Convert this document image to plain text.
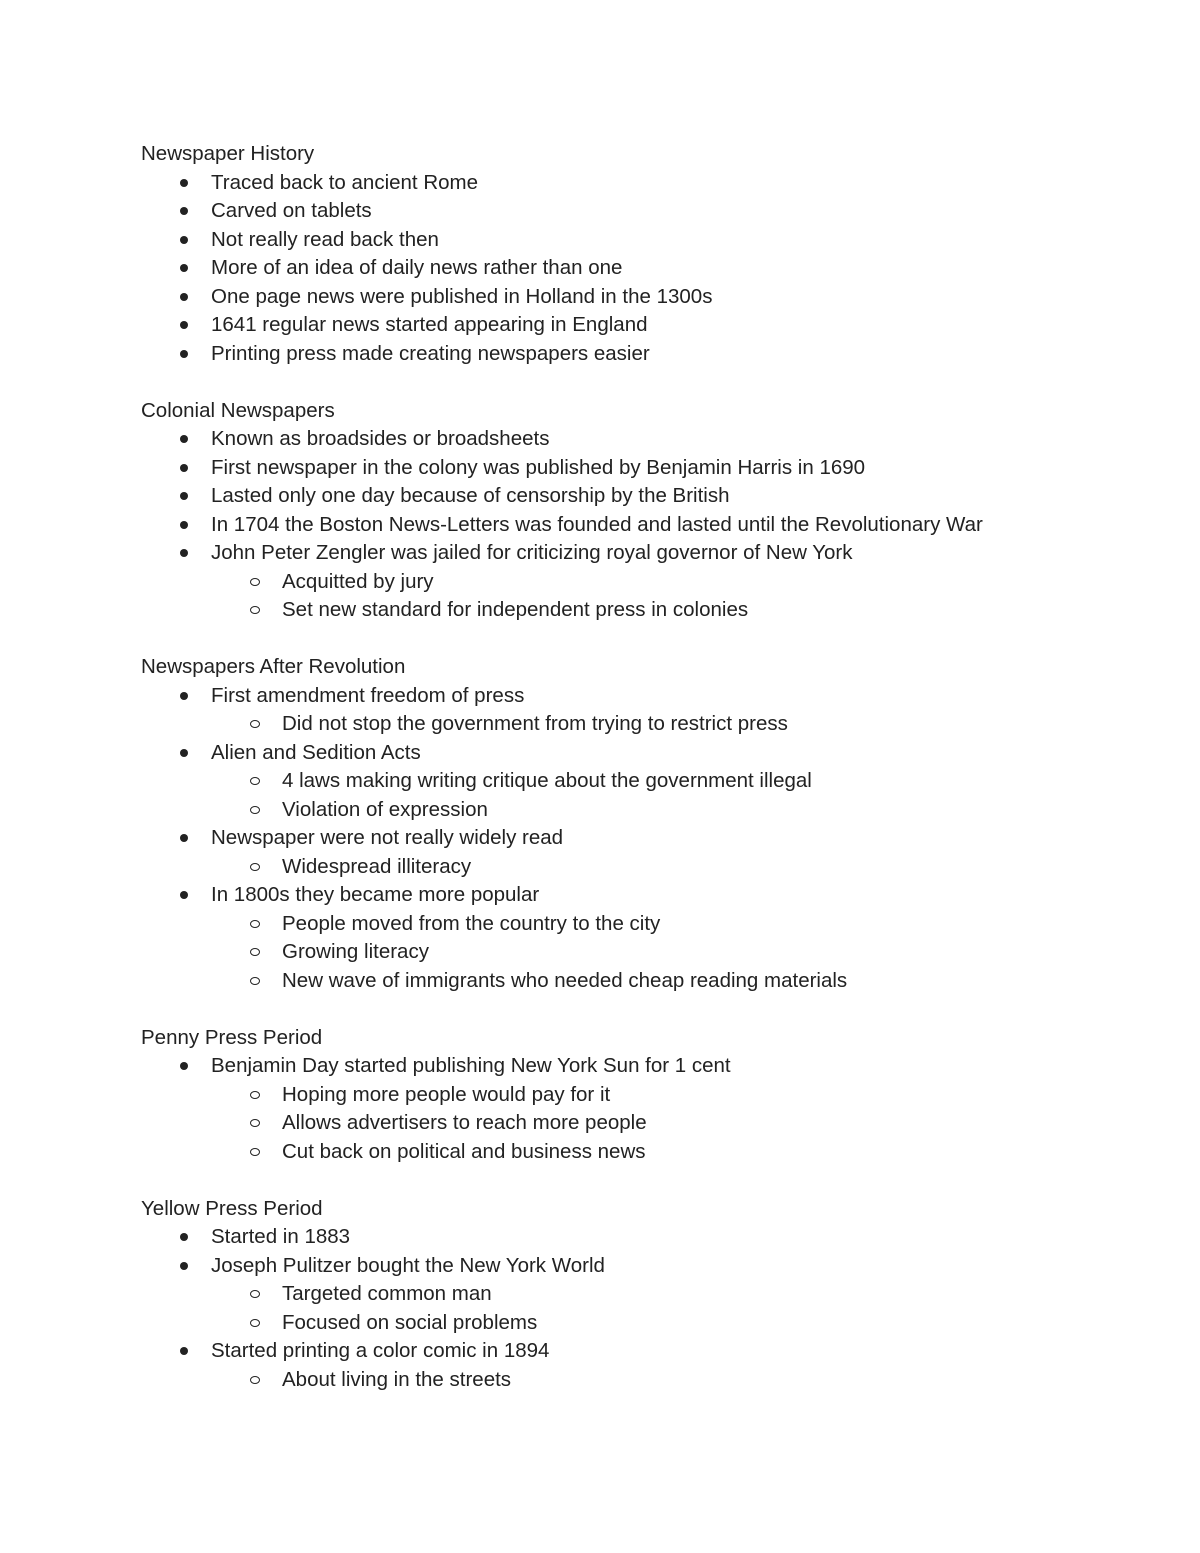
Newspaper History
Traced back to ancient Rome
Carved on tablets
Not really read back then
More of an idea of daily news rather than one
One page news were published in Holland in the 1300s
1641 regular news started appearing in England
Printing press made creating newspapers easier
Colonial Newspapers
Known as broadsides or broadsheets
First newspaper in the colony was published by Benjamin Harris in 1690
Lasted only one day because of censorship by the British
In 1704 the Boston News-Letters was founded and lasted until the Revolutionary War
John Peter Zengler was jailed for criticizing royal governor of New York
Acquitted by jury
Set new standard for independent press in colonies
Newspapers After Revolution
First amendment freedom of press
Did not stop the government from trying to restrict press
Alien and Sedition Acts
4 laws making writing critique about the government illegal
Violation of expression
Newspaper were not really widely read
Widespread illiteracy
In 1800s they became more popular
People moved from the country to the city
Growing literacy
New wave of immigrants who needed cheap reading materials
Penny Press Period
Benjamin Day started publishing New York Sun for 1 cent
Hoping more people would pay for it
Allows advertisers to reach more people
Cut back on political and business news
Yellow Press Period
Started in 1883
Joseph Pulitzer bought the New York World
Targeted common man
Focused on social problems
Started printing a color comic in 1894
About living in the streets
